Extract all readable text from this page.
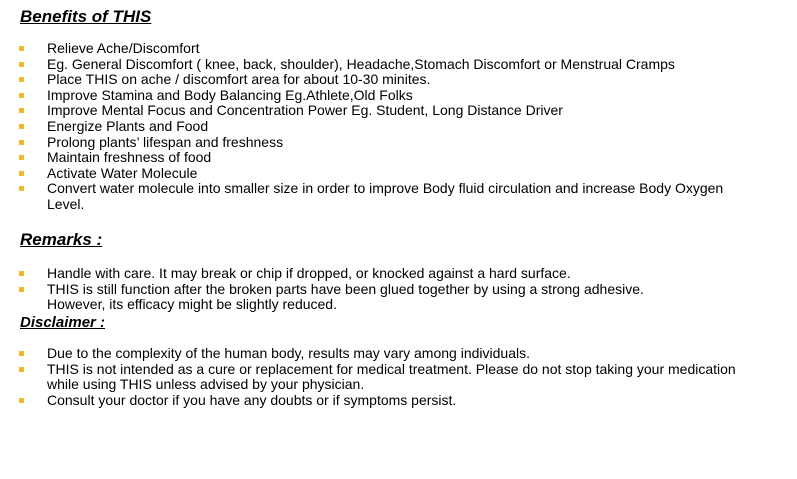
Benefits of THIS
Relieve Ache/Discomfort
Eg. General Discomfort ( knee, back, shoulder), Headache,Stomach Discomfort or Menstrual Cramps
Place THIS on ache / discomfort area for about 10-30 minites.
Improve Stamina and Body Balancing Eg.Athlete,Old Folks
Improve Mental Focus and Concentration Power Eg. Student, Long Distance Driver
Energize Plants and Food
Prolong plants’ lifespan and freshness
Maintain freshness of food
Activate Water Molecule
Convert water molecule into smaller size in order to improve Body fluid circulation and increase Body Oxygen
Level.
Remarks :
Handle with care. It may break or chip if dropped, or knocked against a hard surface.
THIS is still function after the broken parts have been glued together by using a strong adhesive.
However, its efficacy might be slightly reduced.
Disclaimer :
Due to the complexity of the human body, results may vary among individuals.
THIS is not intended as a cure or replacement for medical treatment. Please do not stop taking your medication
while using THIS unless advised by your physician.
Consult your doctor if you have any doubts or if symptoms persist.
